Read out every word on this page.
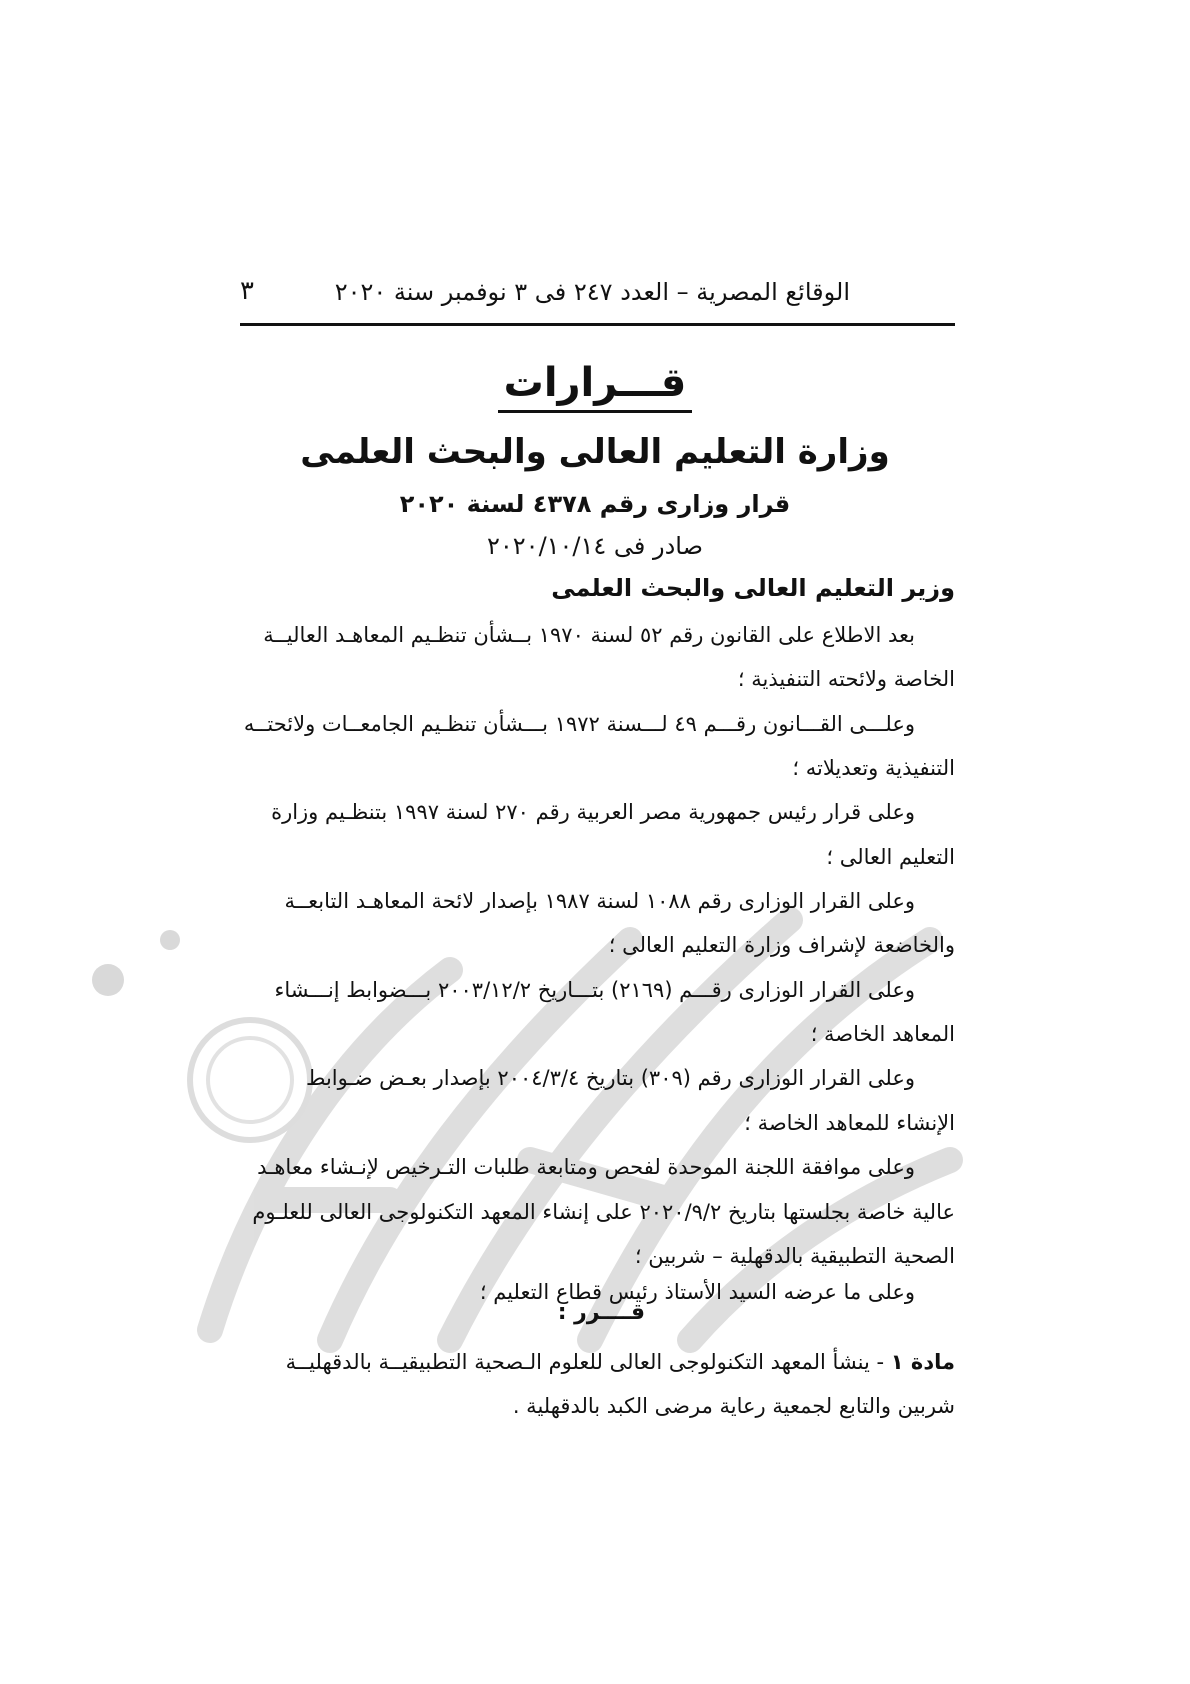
الوقائع المصرية – العدد ٢٤٧ فى ٣ نوفمبر سنة ٢٠٢٠
٣
قـــرارات
وزارة التعليم العالى والبحث العلمى
قرار وزارى رقم ٤٣٧٨ لسنة ٢٠٢٠
صادر فى ٢٠٢٠/١٠/١٤
وزير التعليم العالى والبحث العلمى
بعد الاطلاع على القانون رقم ٥٢ لسنة ١٩٧٠ بــشأن تنظـيم المعاهـد العاليــة
الخاصة ولائحته التنفيذية ؛
وعلـــى القـــانون رقـــم ٤٩ لـــسنة ١٩٧٢ بـــشأن تنظـيم الجامعــات ولائحتــه
التنفيذية وتعديلاته ؛
وعلى قرار رئيس جمهورية مصر العربية رقم ٢٧٠ لسنة ١٩٩٧ بتنظـيم وزارة
التعليم العالى ؛
وعلى القرار الوزارى رقم ١٠٨٨ لسنة ١٩٨٧ بإصدار لائحة المعاهـد التابعــة
والخاضعة لإشراف وزارة التعليم العالى ؛
وعلى القرار الوزارى رقـــم (٢١٦٩) بتـــاريخ ٢٠٠٣/١٢/٢ بـــضوابط إنـــشاء
المعاهد الخاصة ؛
وعلى القرار الوزارى رقم (٣٠٩) بتاريخ ٢٠٠٤/٣/٤ بإصدار بعـض ضـوابط
الإنشاء للمعاهد الخاصة ؛
وعلى موافقة اللجنة الموحدة لفحص ومتابعة طلبات التـرخيص لإنـشاء معاهـد
عالية خاصة بجلستها بتاريخ ٢٠٢٠/٩/٢ على إنشاء المعهد التكنولوجى العالى للعلـوم
الصحية التطبيقية بالدقهلية – شربين ؛
وعلى ما عرضه السيد الأستاذ رئيس قطاع التعليم ؛
قــــرر :
مادة ١ - ينشأ المعهد التكنولوجى العالى للعلوم الـصحية التطبيقيــة بالدقهليــة
شربين والتابع لجمعية رعاية مرضى الكبد بالدقهلية .
